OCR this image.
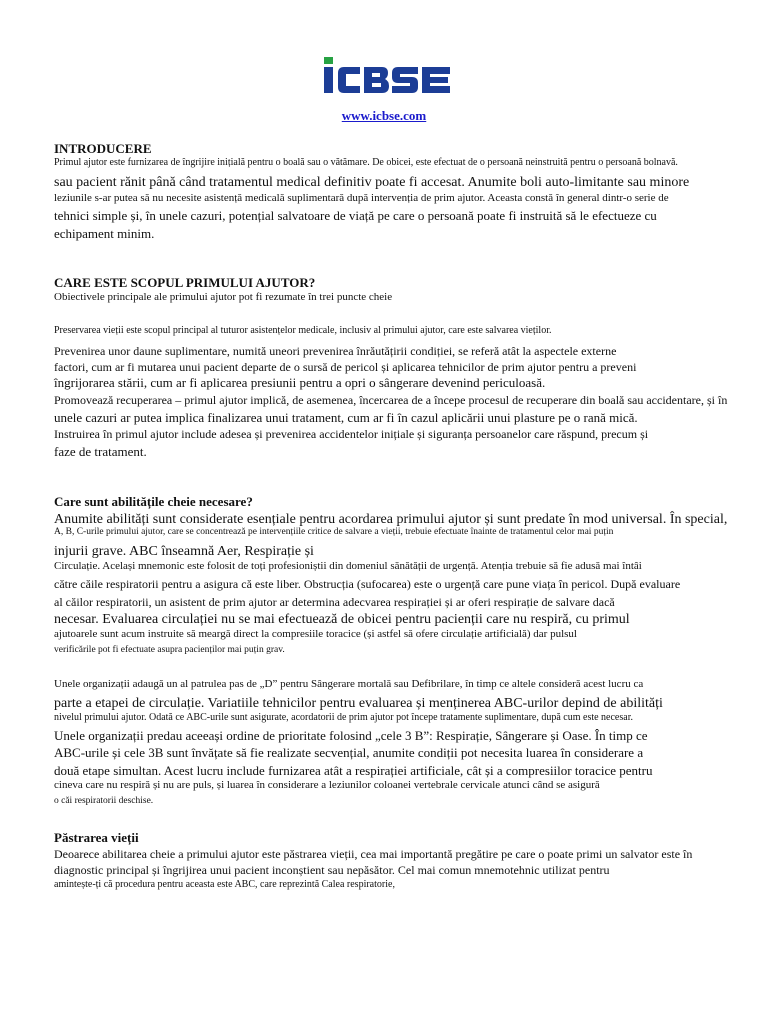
www.icbse.com
INTRODUCERE
Primul ajutor este furnizarea de îngrijire inițială pentru o boală sau o vătămare. De obicei, este efectuat de o persoană neinstruită pentru o persoană bolnavă.
sau pacient rănit până când tratamentul medical definitiv poate fi accesat. Anumite boli auto-limitante sau minore
leziunile s-ar putea să nu necesite asistență medicală suplimentară după intervenția de prim ajutor. Aceasta constă în general dintr-o serie de
tehnici simple și, în unele cazuri, potențial salvatoare de viață pe care o persoană poate fi instruită să le efectueze cu
echipament minim.
CARE ESTE SCOPUL PRIMULUI AJUTOR?
Obiectivele principale ale primului ajutor pot fi rezumate în trei puncte cheie
Preservarea vieții este scopul principal al tuturor asistențelor medicale, inclusiv al primului ajutor, care este salvarea vieților.
Prevenirea unor daune suplimentare, numită uneori prevenirea înrăutățirii condiției, se referă atât la aspectele externe
factori, cum ar fi mutarea unui pacient departe de o sursă de pericol și aplicarea tehnicilor de prim ajutor pentru a preveni
îngrijorarea stării, cum ar fi aplicarea presiunii pentru a opri o sângerare devenind periculoasă.
Promovează recuperarea – primul ajutor implică, de asemenea, încercarea de a începe procesul de recuperare din boală sau accidentare, și în
unele cazuri ar putea implica finalizarea unui tratament, cum ar fi în cazul aplicării unui plasture pe o rană mică.
Instruirea în primul ajutor include adesea și prevenirea accidentelor inițiale și siguranța persoanelor care răspund, precum și
faze de tratament.
Care sunt abilitățile cheie necesare?
Anumite abilități sunt considerate esențiale pentru acordarea primului ajutor și sunt predate în mod universal. În special,
A, B, C-urile primului ajutor, care se concentrează pe intervențiile critice de salvare a vieții, trebuie efectuate înainte de tratamentul celor mai puțin
injurii grave. ABC înseamnă Aer, Respirație și
Circulație. Același mnemonic este folosit de toți profesioniștii din domeniul sănătății de urgență. Atenția trebuie să fie adusă mai întâi
către căile respiratorii pentru a asigura că este liber. Obstrucția (sufocarea) este o urgență care pune viața în pericol. După evaluare
al căilor respiratorii, un asistent de prim ajutor ar determina adecvarea respirației și ar oferi respirație de salvare dacă
necesar. Evaluarea circulației nu se mai efectuează de obicei pentru pacienții care nu respiră, cu primul
ajutoarele sunt acum instruite să meargă direct la compresiile toracice (și astfel să ofere circulație artificială) dar pulsul
verificările pot fi efectuate asupra pacienților mai puțin grav.
Unele organizații adaugă un al patrulea pas de „D” pentru Sângerare mortală sau Defibrilare, în timp ce altele consideră acest lucru ca
parte a etapei de circulație. Variatiile tehnicilor pentru evaluarea și menținerea ABC-urilor depind de abilități
nivelul primului ajutor. Odată ce ABC-urile sunt asigurate, acordatorii de prim ajutor pot începe tratamente suplimentare, după cum este necesar.
Unele organizații predau aceeași ordine de prioritate folosind „cele 3 B”: Respirație, Sângerare și Oase. În timp ce
ABC-urile și cele 3B sunt învățate să fie realizate secvențial, anumite condiții pot necesita luarea în considerare a
două etape simultan. Acest lucru include furnizarea atât a respirației artificiale, cât și a compresiilor toracice pentru
cineva care nu respiră și nu are puls, și luarea în considerare a leziunilor coloanei vertebrale cervicale atunci când se asigură
o căi respiratorii deschise.
Păstrarea vieții
Deoarece abilitarea cheie a primului ajutor este păstrarea vieții, cea mai importantă pregătire pe care o poate primi un salvator este în
diagnostic principal și îngrijirea unui pacient inconștient sau nepăsător. Cel mai comun mnemotehnic utilizat pentru
amintește-ți că procedura pentru aceasta este ABC, care reprezintă Calea respiratorie,
